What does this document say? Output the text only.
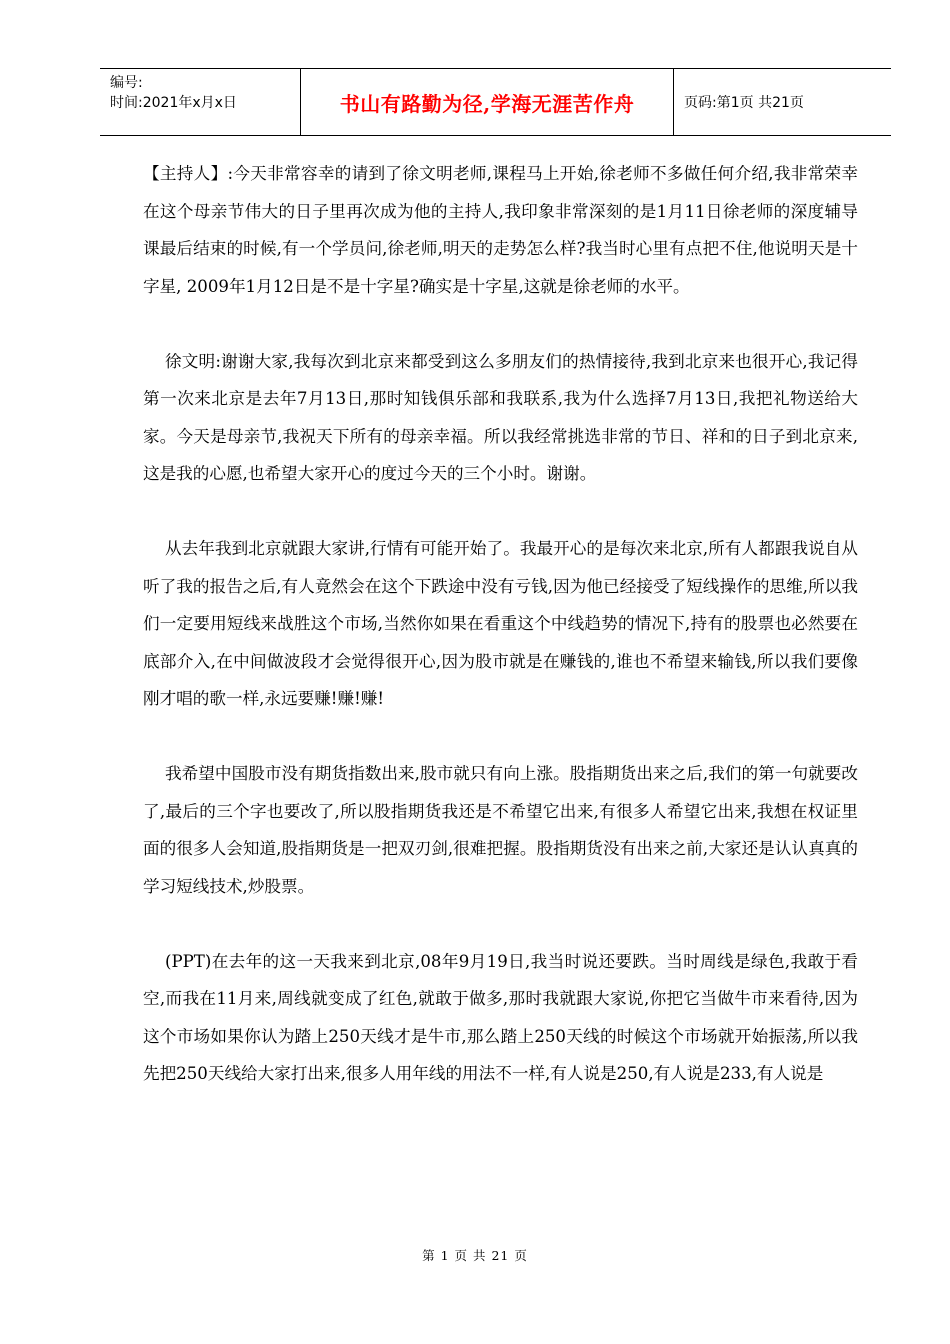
编号:
时间:2021年x月x日	书山有路勤为径,学海无涯苦作舟	页码:第1页 共21页

【主持人】:今天非常容幸的请到了徐文明老师,课程马上开始,徐老师不多做任何介绍,我非常荣幸在这个母亲节伟大的日子里再次成为他的主持人,我印象非常深刻的是1月11日徐老师的深度辅导课最后结束的时候,有一个学员问,徐老师,明天的走势怎么样?我当时心里有点把不住,他说明天是十字星, 2009年1月12日是不是十字星?确实是十字星,这就是徐老师的水平。

徐文明:谢谢大家,我每次到北京来都受到这么多朋友们的热情接待,我到北京来也很开心,我记得第一次来北京是去年7月13日,那时知钱俱乐部和我联系,我为什么选择7月13日,我把礼物送给大家。今天是母亲节,我祝天下所有的母亲幸福。所以我经常挑选非常的节日、祥和的日子到北京来,这是我的心愿,也希望大家开心的度过今天的三个小时。谢谢。

从去年我到北京就跟大家讲,行情有可能开始了。我最开心的是每次来北京,所有人都跟我说自从听了我的报告之后,有人竟然会在这个下跌途中没有亏钱,因为他已经接受了短线操作的思维,所以我们一定要用短线来战胜这个市场,当然你如果在看重这个中线趋势的情况下,持有的股票也必然要在底部介入,在中间做波段才会觉得很开心,因为股市就是在赚钱的,谁也不希望来输钱,所以我们要像刚才唱的歌一样,永远要赚!赚!赚!

我希望中国股市没有期货指数出来,股市就只有向上涨。股指期货出来之后,我们的第一句就要改了,最后的三个字也要改了,所以股指期货我还是不希望它出来,有很多人希望它出来,我想在权证里面的很多人会知道,股指期货是一把双刃剑,很难把握。股指期货没有出来之前,大家还是认认真真的学习短线技术,炒股票。

(PPT)在去年的这一天我来到北京,08年9月19日,我当时说还要跌。当时周线是绿色,我敢于看空,而我在11月来,周线就变成了红色,就敢于做多,那时我就跟大家说,你把它当做牛市来看待,因为这个市场如果你认为踏上250天线才是牛市,那么踏上250天线的时候这个市场就开始振荡,所以我先把250天线给大家打出来,很多人用年线的用法不一样,有人说是250,有人说是233,有人说是

第 1 页 共 21 页
